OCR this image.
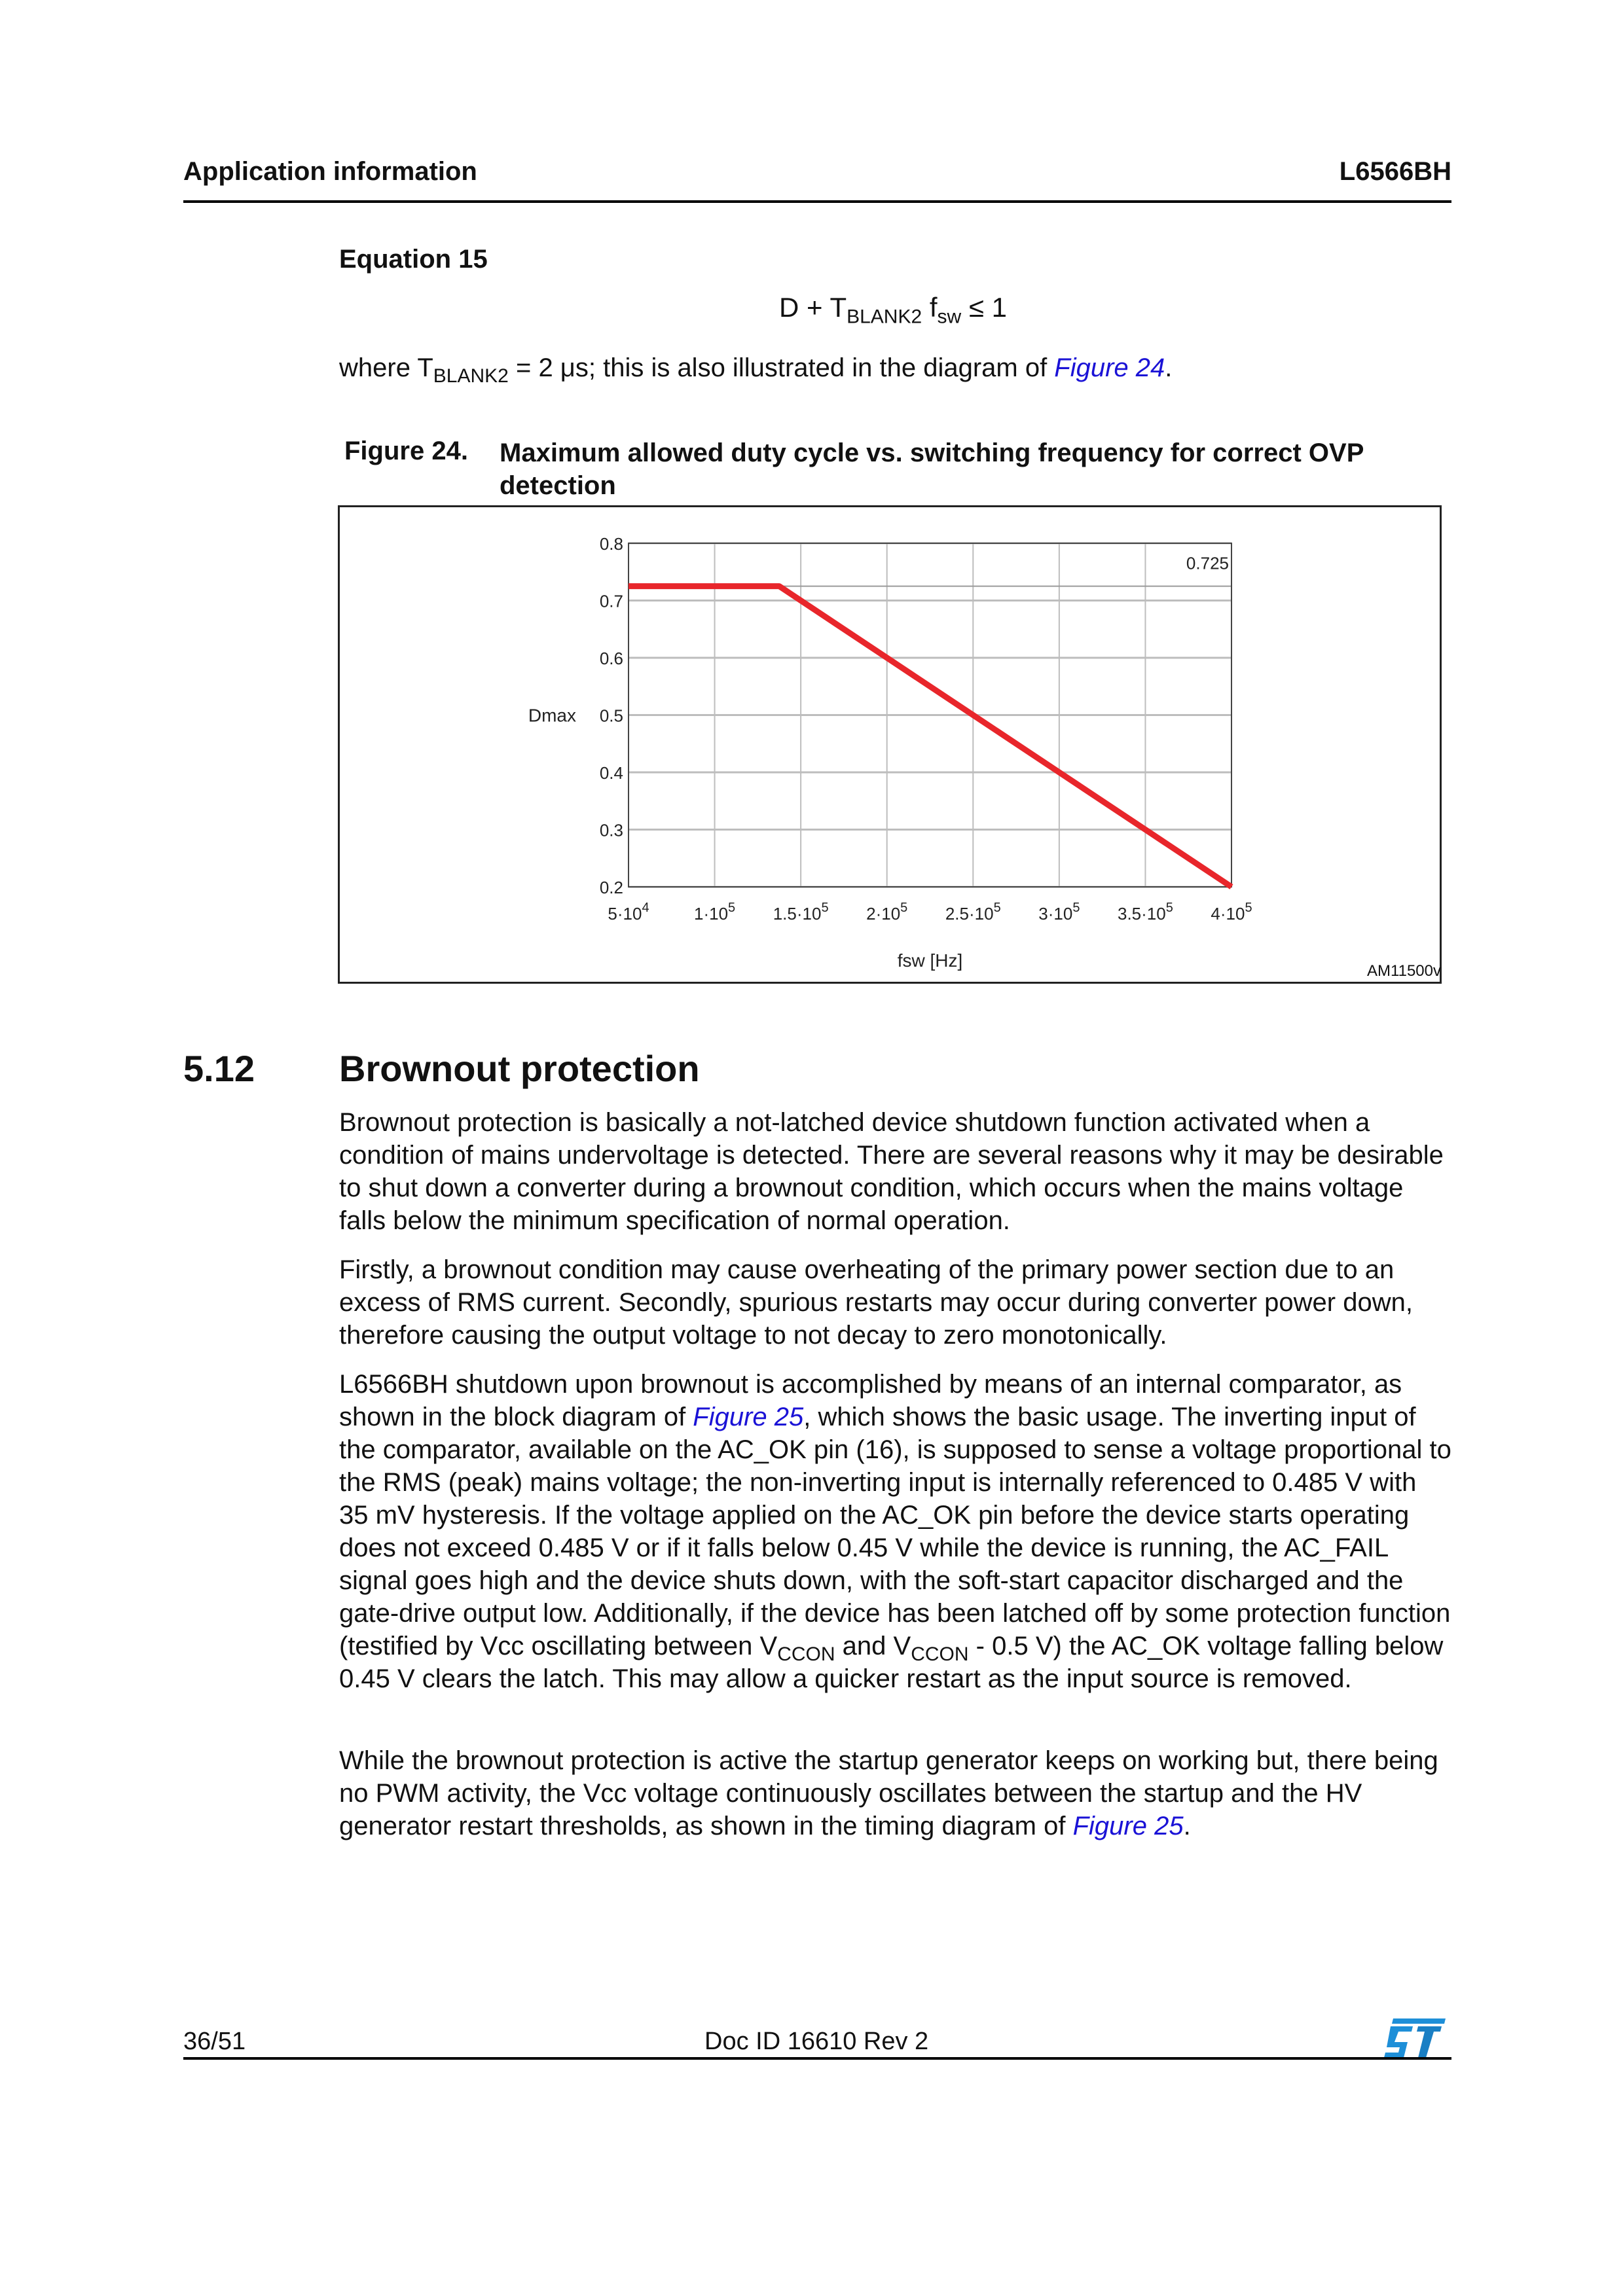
Application information	L6566BH
Equation 15
$D + T_{BLANK2}$ $f_{sw} \le 1$
where $T_{BLANK2} = 2$ μs; this is also illustrated in the diagram of Figure 24.
Figure 24. Maximum allowed duty cycle vs. switching frequency for correct OVP detection
0.2
0.3
0.4
0.5
0.6
0.7
0.8
0.725
$5\cdot 10^4$	$1\cdot 10^5$ $1.5\cdot 10^5$ $2\cdot 10^5$ $2.5\cdot 10^5$ $3\cdot 10^5$ $3.5\cdot 10^5$ $4\cdot 10^5$
fsw [Hz]
Dmax
AM11500v
5.12 Brownout protection
Brownout protection is basically a not-latched device shutdown function activated when a condition of mains undervoltage is detected. There are several reasons why it may be desirable to shut down a converter during a brownout condition, which occurs when the mains voltage falls below the minimum specification of normal operation.
Firstly, a brownout condition may cause overheating of the primary power section due to an excess of RMS current. Secondly, spurious restarts may occur during converter power down, therefore causing the output voltage to not decay to zero monotonically.
L6566BH shutdown upon brownout is accomplished by means of an internal comparator, as shown in the block diagram of Figure 25, which shows the basic usage. The inverting input of the comparator, available on the AC_OK pin (16), is supposed to sense a voltage proportional to the RMS (peak) mains voltage; the non-inverting input is internally referenced to 0.485 V with 35 mV hysteresis. If the voltage applied on the AC_OK pin before the device starts operating does not exceed 0.485 V or if it falls below 0.45 V while the device is running, the AC_FAIL signal goes high and the device shuts down, with the soft-start capacitor discharged and the gate-drive output low. Additionally, if the device has been latched off by some protection function (testified by Vcc oscillating between $V_{CCON}$ and $V_{CCON} - 0.5$ V) the AC_OK voltage falling below 0.45 V clears the latch. This may allow a quicker restart as the input source is removed.
While the brownout protection is active the startup generator keeps on working but, there being no PWM activity, the Vcc voltage continuously oscillates between the startup and the HV generator restart thresholds, as shown in the timing diagram of Figure 25.
36/51	Doc ID 16610 Rev 2
